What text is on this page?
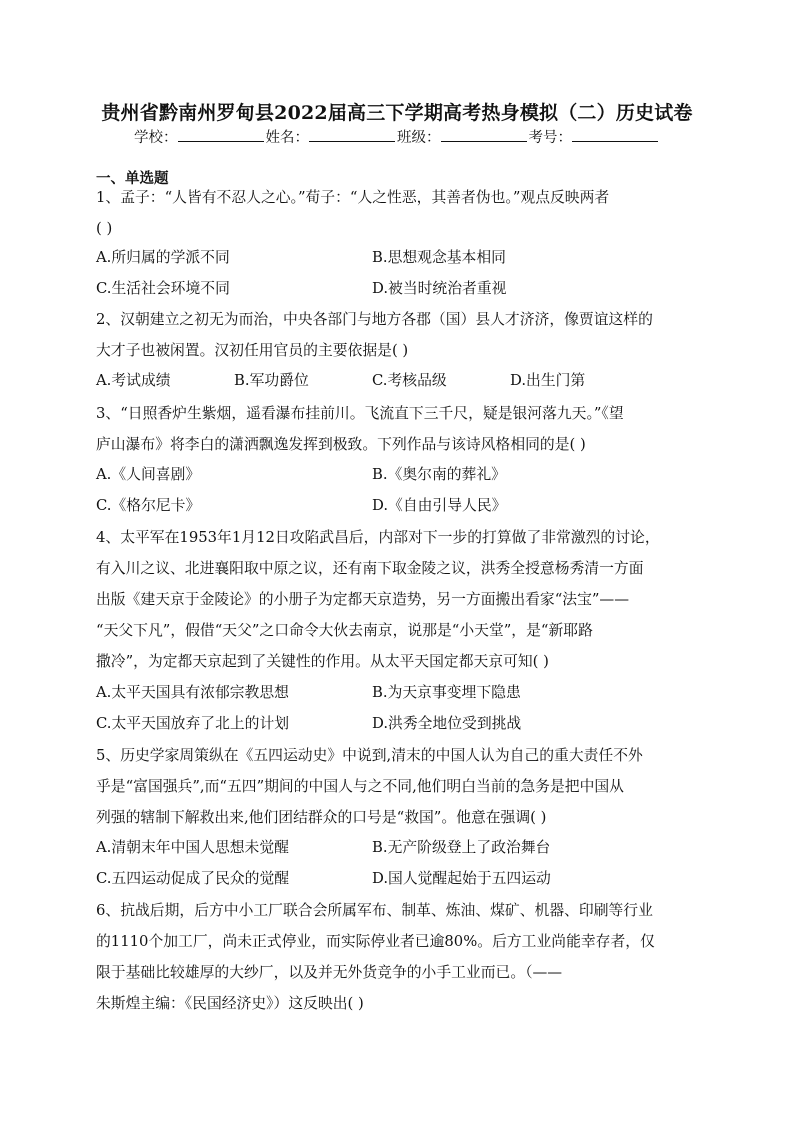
贵州省黔南州罗甸县2022届高三下学期高考热身模拟（二）历史试卷
学校：	姓名：	班级：	考号：
一、单选题
1、孟子：“人皆有不忍人之心。”荀子：“人之性恶，其善者伪也。”观点反映两者
( )
A.所归属的学派不同	B.思想观念基本相同
C.生活社会环境不同	D.被当时统治者重视
2、汉朝建立之初无为而治，中央各部门与地方各郡（国）县人才济济，像贾谊这样的
大才子也被闲置。汉初任用官员的主要依据是( )
A.考试成绩	B.军功爵位	C.考核品级	D.出生门第
3、“日照香炉生紫烟，遥看瀑布挂前川。飞流直下三千尺，疑是银河落九天。”《望
庐山瀑布》将李白的潇洒飘逸发挥到极致。下列作品与该诗风格相同的是( )
A.《人间喜剧》	B.《奥尔南的葬礼》
C.《格尔尼卡》	D.《自由引导人民》
4、太平军在1953年1月12日攻陷武昌后，内部对下一步的打算做了非常激烈的讨论，
有入川之议、北进襄阳取中原之议，还有南下取金陵之议，洪秀全授意杨秀清一方面
出版《建天京于金陵论》的小册子为定都天京造势，另一方面搬出看家“法宝”——
“天父下凡”，假借“天父”之口命令大伙去南京，说那是“小天堂”，是“新耶路
撒冷”，为定都天京起到了关键性的作用。从太平天国定都天京可知( )
A.太平天国具有浓郁宗教思想	B.为天京事变埋下隐患
C.太平天国放弃了北上的计划	D.洪秀全地位受到挑战
5、历史学家周策纵在《五四运动史》中说到,清末的中国人认为自己的重大责任不外
乎是“富国强兵”,而“五四”期间的中国人与之不同,他们明白当前的急务是把中国从
列强的辖制下解救出来,他们团结群众的口号是“救国”。他意在强调( )
A.清朝末年中国人思想未觉醒	B.无产阶级登上了政治舞台
C.五四运动促成了民众的觉醒	D.国人觉醒起始于五四运动
6、抗战后期，后方中小工厂联合会所属军布、制革、炼油、煤矿、机器、印刷等行业
的1110个加工厂，尚未正式停业，而实际停业者已逾80%。后方工业尚能幸存者，仅
限于基础比较雄厚的大纱厂，以及并无外货竞争的小手工业而已。（——
朱斯煌主编：《民国经济史》）这反映出( )
